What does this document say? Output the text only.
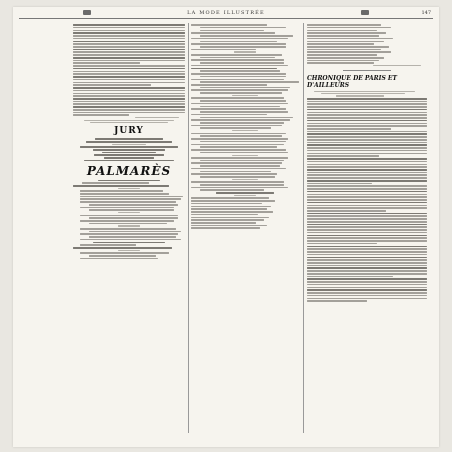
LA MODE ILLUSTRÉE	147
JURY
PALMARÈS
CHRONIQUE DE PARIS ET D'AILLEURS
